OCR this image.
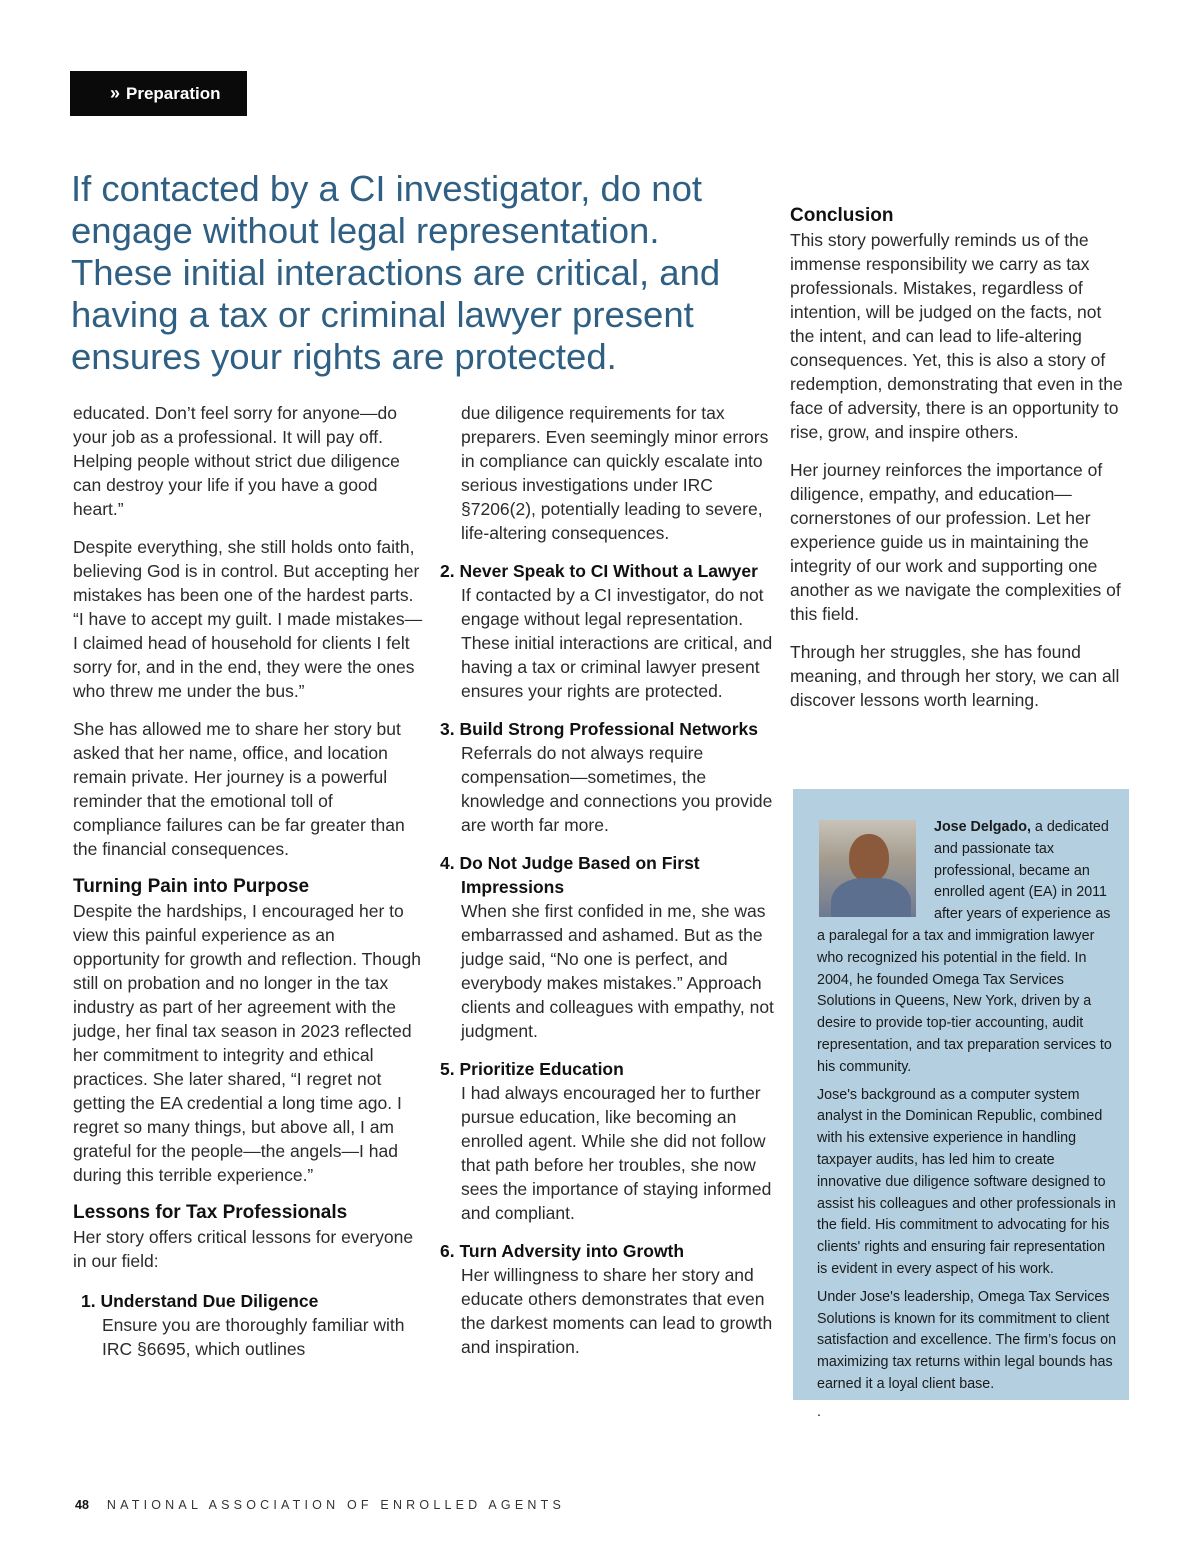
» Preparation
If contacted by a CI investigator, do not engage without legal representation. These initial interactions are critical, and having a tax or criminal lawyer present ensures your rights are protected.

educated. Don’t feel sorry for anyone—do your job as a professional. It will pay off. Helping people without strict due diligence can destroy your life if you have a good heart.”

Despite everything, she still holds onto faith, believing God is in control. But accepting her mistakes has been one of the hardest parts. “I have to accept my guilt. I made mistakes—I claimed head of household for clients I felt sorry for, and in the end, they were the ones who threw me under the bus.”

She has allowed me to share her story but asked that her name, office, and location remain private. Her journey is a powerful reminder that the emotional toll of compliance failures can be far greater than the financial consequences.

Turning Pain into Purpose

Despite the hardships, I encouraged her to view this painful experience as an opportunity for growth and reflection. Though still on probation and no longer in the tax industry as part of her agreement with the judge, her final tax season in 2023 reflected her commitment to integrity and ethical practices. She later shared, “I regret not getting the EA credential a long time ago. I regret so many things, but above all, I am grateful for the people—the angels—I had during this terrible experience.”

Lessons for Tax Professionals

Her story offers critical lessons for everyone in our field:

1. Understand Due Diligence
Ensure you are thoroughly familiar with IRC §6695, which outlines

due diligence requirements for tax preparers. Even seemingly minor errors in compliance can quickly escalate into serious investigations under IRC §7206(2), potentially leading to severe, life-altering consequences.

2. Never Speak to CI Without a Lawyer
If contacted by a CI investigator, do not engage without legal representation. These initial interactions are critical, and having a tax or criminal lawyer present ensures your rights are protected.
3. Build Strong Professional Networks
Referrals do not always require compensation—sometimes, the knowledge and connections you provide are worth far more.
4. Do Not Judge Based on First Impressions
When she first confided in me, she was embarrassed and ashamed. But as the judge said, “No one is perfect, and everybody makes mistakes.” Approach clients and colleagues with empathy, not judgment.
5. Prioritize Education
I had always encouraged her to further pursue education, like becoming an enrolled agent. While she did not follow that path before her troubles, she now sees the importance of staying informed and compliant.
6. Turn Adversity into Growth
Her willingness to share her story and educate others demonstrates that even the darkest moments can lead to growth and inspiration.
Conclusion

This story powerfully reminds us of the immense responsibility we carry as tax professionals. Mistakes, regardless of intention, will be judged on the facts, not the intent, and can lead to life-altering consequences. Yet, this is also a story of redemption, demonstrating that even in the face of adversity, there is an opportunity to rise, grow, and inspire others.

Her journey reinforces the importance of diligence, empathy, and education—cornerstones of our profession. Let her experience guide us in maintaining the integrity of our work and supporting one another as we navigate the complexities of this field.

Through her struggles, she has found meaning, and through her story, we can all discover lessons worth learning.

Jose Delgado, a dedicated and passionate tax professional, became an enrolled agent (EA) in 2011 after years of experience as a paralegal for a tax and immigration lawyer who recognized his potential in the field. In 2004, he founded Omega Tax Services Solutions in Queens, New York, driven by a desire to provide top-tier accounting, audit representation, and tax preparation services to his community.

Jose's background as a computer system analyst in the Dominican Republic, combined with his extensive experience in handling taxpayer audits, has led him to create innovative due diligence software designed to assist his colleagues and other professionals in the field. His commitment to advocating for his clients' rights and ensuring fair representation is evident in every aspect of his work.

Under Jose's leadership, Omega Tax Services Solutions is known for its commitment to client satisfaction and excellence. The firm’s focus on maximizing tax returns within legal bounds has earned it a loyal client base.

.

48 NATIONAL ASSOCIATION OF ENROLLED AGENTS
